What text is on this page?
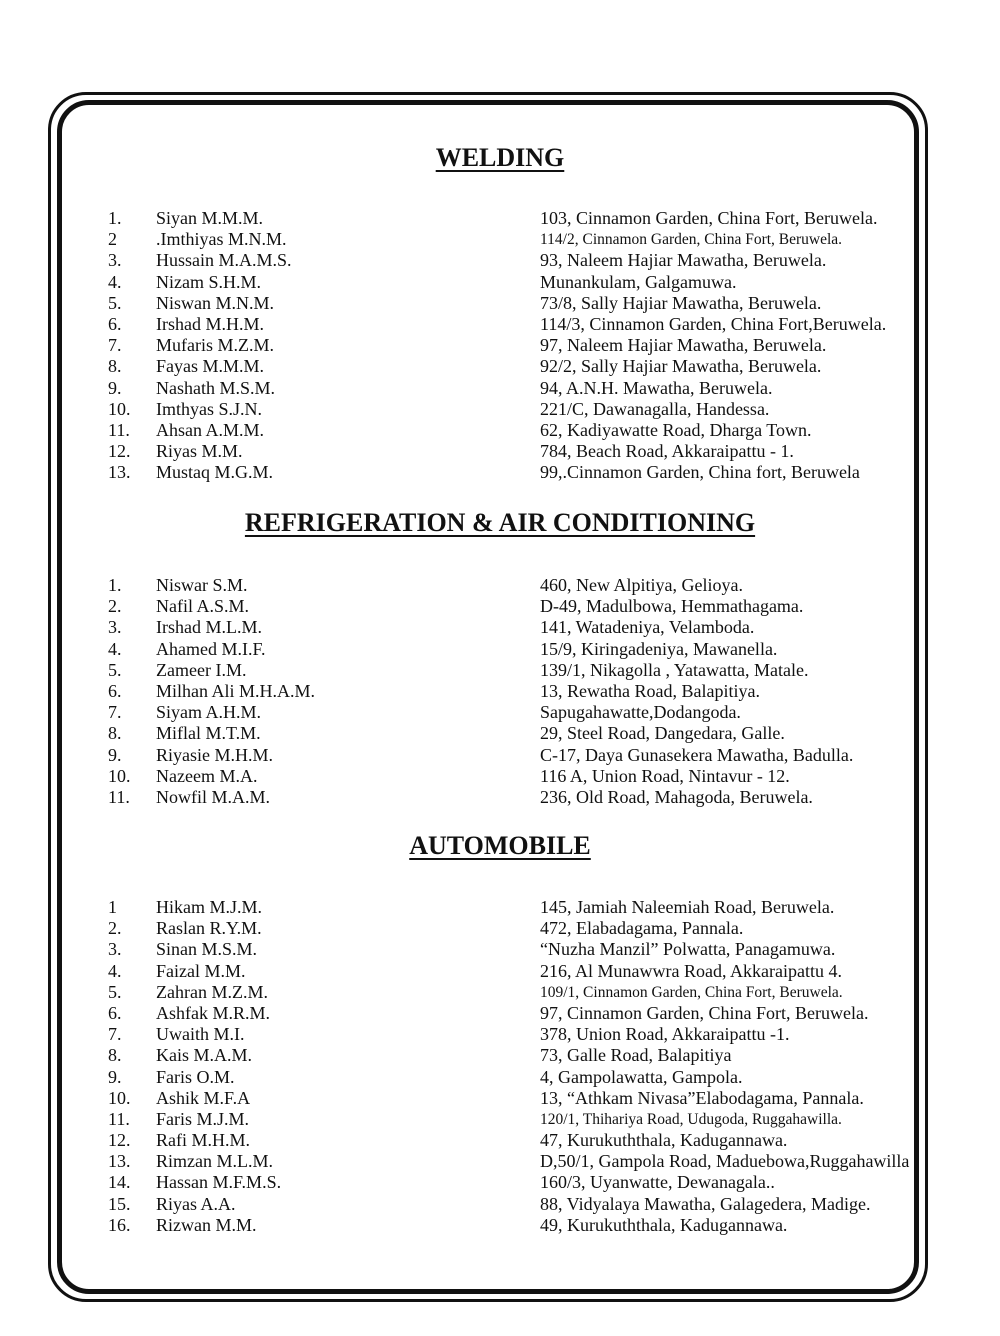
WELDING
1. Siyan M.M.M.	103, Cinnamon Garden, China Fort, Beruwela.
2 .Imthiyas M.N.M.	114/2, Cinnamon Garden, China Fort, Beruwela.
3. Hussain M.A.M.S.	93, Naleem Hajiar Mawatha, Beruwela.
4. Nizam S.H.M.	Munankulam, Galgamuwa.
5. Niswan M.N.M.	73/8, Sally Hajiar Mawatha, Beruwela.
6. Irshad M.H.M.	114/3, Cinnamon Garden, China Fort,Beruwela.
7. Mufaris M.Z.M.	97, Naleem Hajiar Mawatha, Beruwela.
8. Fayas M.M.M.	92/2, Sally Hajiar Mawatha, Beruwela.
9. Nashath M.S.M.	94, A.N.H. Mawatha, Beruwela.
10. Imthyas S.J.N.	221/C, Dawanagalla, Handessa.
11. Ahsan A.M.M.	62, Kadiyawatte Road, Dharga Town.
12. Riyas M.M.	784, Beach Road, Akkaraipattu - 1.
13. Mustaq M.G.M.	99,.Cinnamon Garden, China fort, Beruwela
REFRIGERATION & AIR CONDITIONING
1. Niswar S.M.	460, New Alpitiya, Gelioya.
2. Nafil A.S.M.	D-49, Madulbowa, Hemmathagama.
3. Irshad M.L.M.	141, Watadeniya, Velamboda.
4. Ahamed M.I.F.	15/9, Kiringadeniya, Mawanella.
5. Zameer I.M.	139/1, Nikagolla , Yatawatta, Matale.
6. Milhan Ali M.H.A.M.	13, Rewatha Road, Balapitiya.
7. Siyam A.H.M.	Sapugahawatte,Dodangoda.
8. Miflal M.T.M.	29, Steel Road, Dangedara, Galle.
9. Riyasie M.H.M.	C-17, Daya Gunasekera Mawatha, Badulla.
10. Nazeem M.A.	116 A, Union Road, Nintavur - 12.
11. Nowfil M.A.M.	236, Old Road, Mahagoda, Beruwela.
AUTOMOBILE
1 Hikam M.J.M.	145, Jamiah Naleemiah Road, Beruwela.
2. Raslan R.Y.M.	472, Elabadagama, Pannala.
3. Sinan M.S.M.	“Nuzha Manzil” Polwatta, Panagamuwa.
4. Faizal M.M.	216, Al Munawwra Road, Akkaraipattu 4.
5. Zahran M.Z.M.	109/1, Cinnamon Garden, China Fort, Beruwela.
6. Ashfak M.R.M.	97, Cinnamon Garden, China Fort, Beruwela.
7. Uwaith M.I.	378, Union Road, Akkaraipattu -1.
8. Kais M.A.M.	73, Galle Road, Balapitiya
9. Faris O.M.	4, Gampolawatta, Gampola.
10. Ashik M.F.A	13, “Athkam Nivasa”Elabodagama, Pannala.
11. Faris M.J.M.	120/1, Thihariya Road, Udugoda, Ruggahawilla.
12. Rafi M.H.M.	47, Kurukuththala, Kadugannawa.
13. Rimzan M.L.M.	D,50/1, Gampola Road, Maduebowa,Ruggahawilla
14. Hassan M.F.M.S.	160/3, Uyanwatte, Dewanagala..
15. Riyas A.A.	88, Vidyalaya Mawatha, Galagedera, Madige.
16. Rizwan M.M.	49, Kurukuththala, Kadugannawa.
